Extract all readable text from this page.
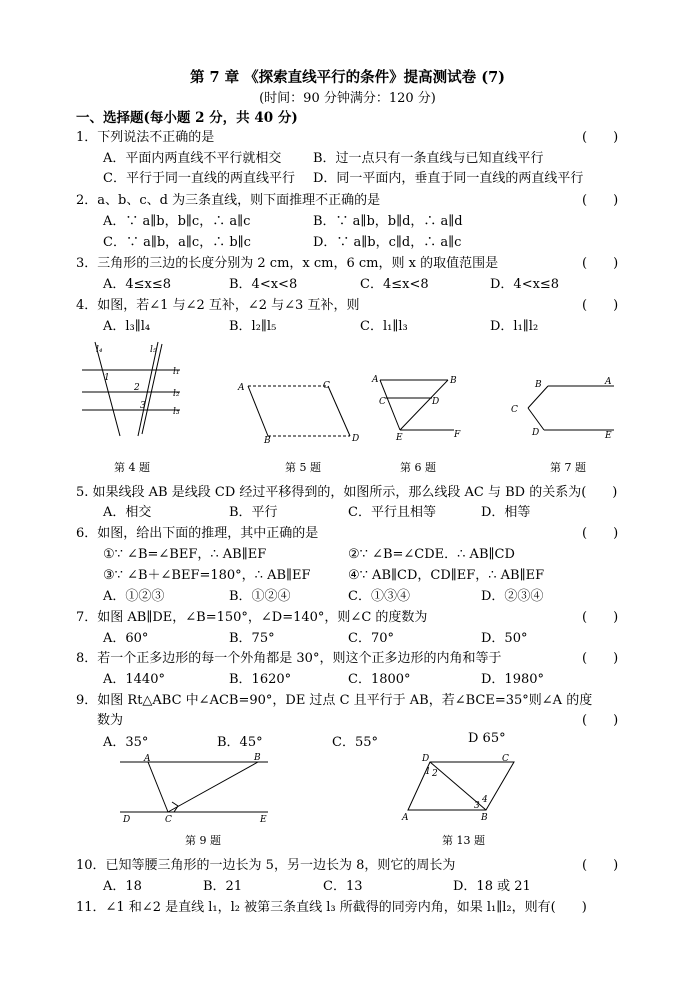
第 7 章 《探索直线平行的条件》提高测试卷 (7)
(时间：90 分钟满分：120 分)
一、选择题(每小题 2 分，共 40 分)
1．下列说法不正确的是	(　　)
A．平面内两直线不平行就相交 B．过一点只有一条直线与已知直线平行
C．平行于同一直线的两直线平行 D．同一平面内，垂直于同一直线的两直线平行
2．a、b、c、d 为三条直线，则下面推理不正确的是	(　　)
A．∵ a∥b，b∥c，∴ a∥c	B．∵ a∥b，b∥d，∴ a∥d
C．∵ a∥b，a∥c，∴ b∥c	D．∵ a∥b，c∥d，∴ a∥c
3．三角形的三边的长度分别为 2 cm，x cm，6 cm，则 x 的取值范围是	(　　)
A．4≤x≤8	B．4<x<8	C．4≤x<8	D．4<x≤8
4．如图，若∠1 与∠2 互补，∠2 与∠3 互补，则	(　　)
A．l₃∥l₄	B．l₂∥l₅	C．l₁∥l₃	D．l₁∥l₂
l₄	l₅
l₁
l₂
l₃
1
2
3
A
B
C
D
A	B
C	D
E	F
B	A
C
D	E
第 4 题	第 5 题	第 6 题	第 7 题
5. 如果线段 AB 是线段 CD 经过平移得到的，如图所示，那么线段 AC 与 BD 的关系为(　　)
A．相交	B．平行	C．平行且相等	D．相等
6．如图，给出下面的推理，其中正确的是	(　　)
①∵ ∠B=∠BEF，∴ AB∥EF	②∵ ∠B=∠CDE．∴ AB∥CD
③∵ ∠B＋∠BEF=180°，∴ AB∥EF	④∵ AB∥CD，CD∥EF，∴ AB∥EF
A．①②③	B．①②④	C．①③④	D．②③④
7．如图 AB∥DE，∠B=150°，∠D=140°，则∠C 的度数为	(　　)
A．60°	B．75°	C．70°	D．50°
8．若一个正多边形的每一个外角都是 30°，则这个正多边形的内角和等于	(　　)
A．1440°	B．1620°	C．1800°	D．1980°
9．如图 Rt△ABC 中∠ACB=90°，DE 过点 C 且平行于 AB，若∠BCE=35°则∠A 的度
数为	(　　)
A．35°	B．45°	C．55°	D 65°
A	B
C
D	E
D	C
A	B
1 2
3
4
第 9 题	第 13 题
10．已知等腰三角形的一边长为 5，另一边长为 8，则它的周长为	(　　)
A．18	B．21	C．13	D．18 或 21
11．∠1 和∠2 是直线 l₁，l₂ 被第三条直线 l₃ 所截得的同旁内角，如果 l₁∥l₂，则有(　　)
